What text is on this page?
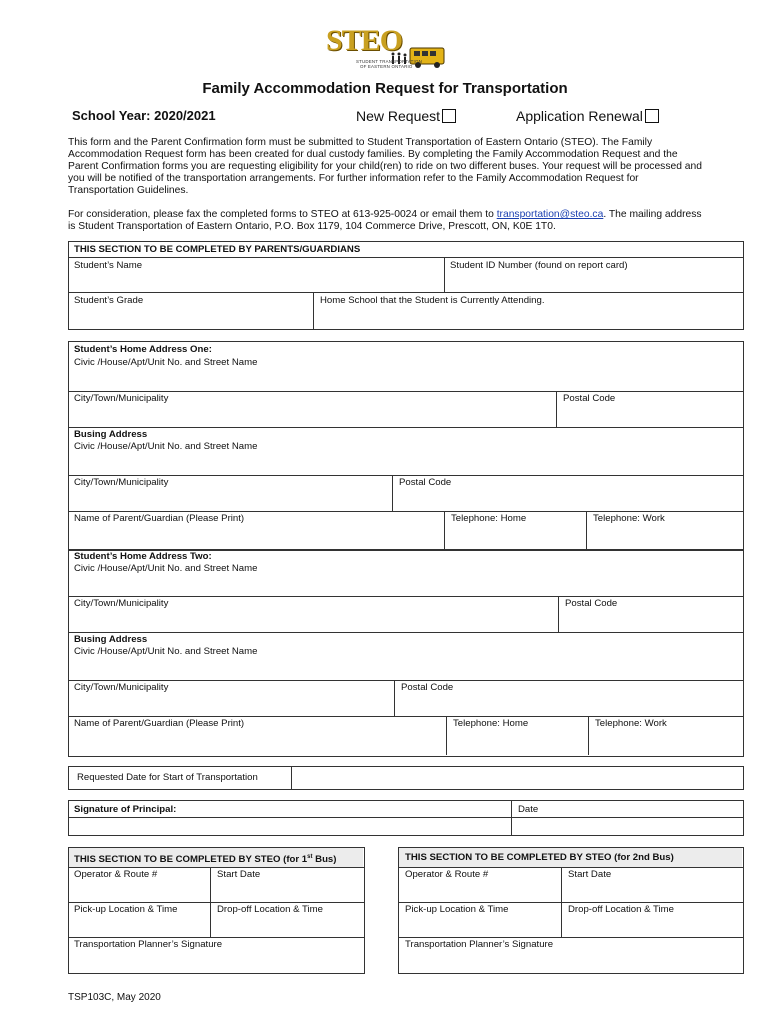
STEO
STUDENT TRANSPORTATION
OF EASTERN ONTARIO
Family Accommodation Request for Transportation
School Year: 2020/2021	New Request	Application Renewal
This form and the Parent Confirmation form must be submitted to Student Transportation of Eastern Ontario (STEO). The Family Accommodation Request form has been created for dual custody families. By completing the Family Accommodation Request and the Parent Confirmation forms you are requesting eligibility for your child(ren) to ride on two different buses. Your request will be processed and you will be notified of the transportation arrangements. For further information refer to the Family Accommodation Request for Transportation Guidelines.
For consideration, please fax the completed forms to STEO at 613-925-0024 or email them to transportation@steo.ca. The mailing address is Student Transportation of Eastern Ontario, P.O. Box 1179, 104 Commerce Drive, Prescott, ON, K0E 1T0.
THIS SECTION TO BE COMPLETED BY PARENTS/GUARDIANS
Student’s Name	Student ID Number (found on report card)
Student’s Grade	Home School that the Student is Currently Attending.
Student’s Home Address One:
Civic /House/Apt/Unit No. and Street Name
City/Town/Municipality	Postal Code
Busing Address
Civic /House/Apt/Unit No. and Street Name
City/Town/Municipality	Postal Code
Name of Parent/Guardian (Please Print)	Telephone: Home	Telephone: Work
Student’s Home Address Two:
Civic /House/Apt/Unit No. and Street Name
City/Town/Municipality	Postal Code
Busing Address
Civic /House/Apt/Unit No. and Street Name
City/Town/Municipality	Postal Code
Name of Parent/Guardian (Please Print)	Telephone: Home	Telephone: Work
Requested Date for Start of Transportation
Signature of Principal:	Date
THIS SECTION TO BE COMPLETED BY STEO (for 1st Bus)
Operator & Route #	Start Date
Pick-up Location & Time	Drop-off Location & Time
Transportation Planner’s Signature
THIS SECTION TO BE COMPLETED BY STEO (for 2nd Bus)
Operator & Route #	Start Date
Pick-up Location & Time	Drop-off Location & Time
Transportation Planner’s Signature
TSP103C, May 2020
